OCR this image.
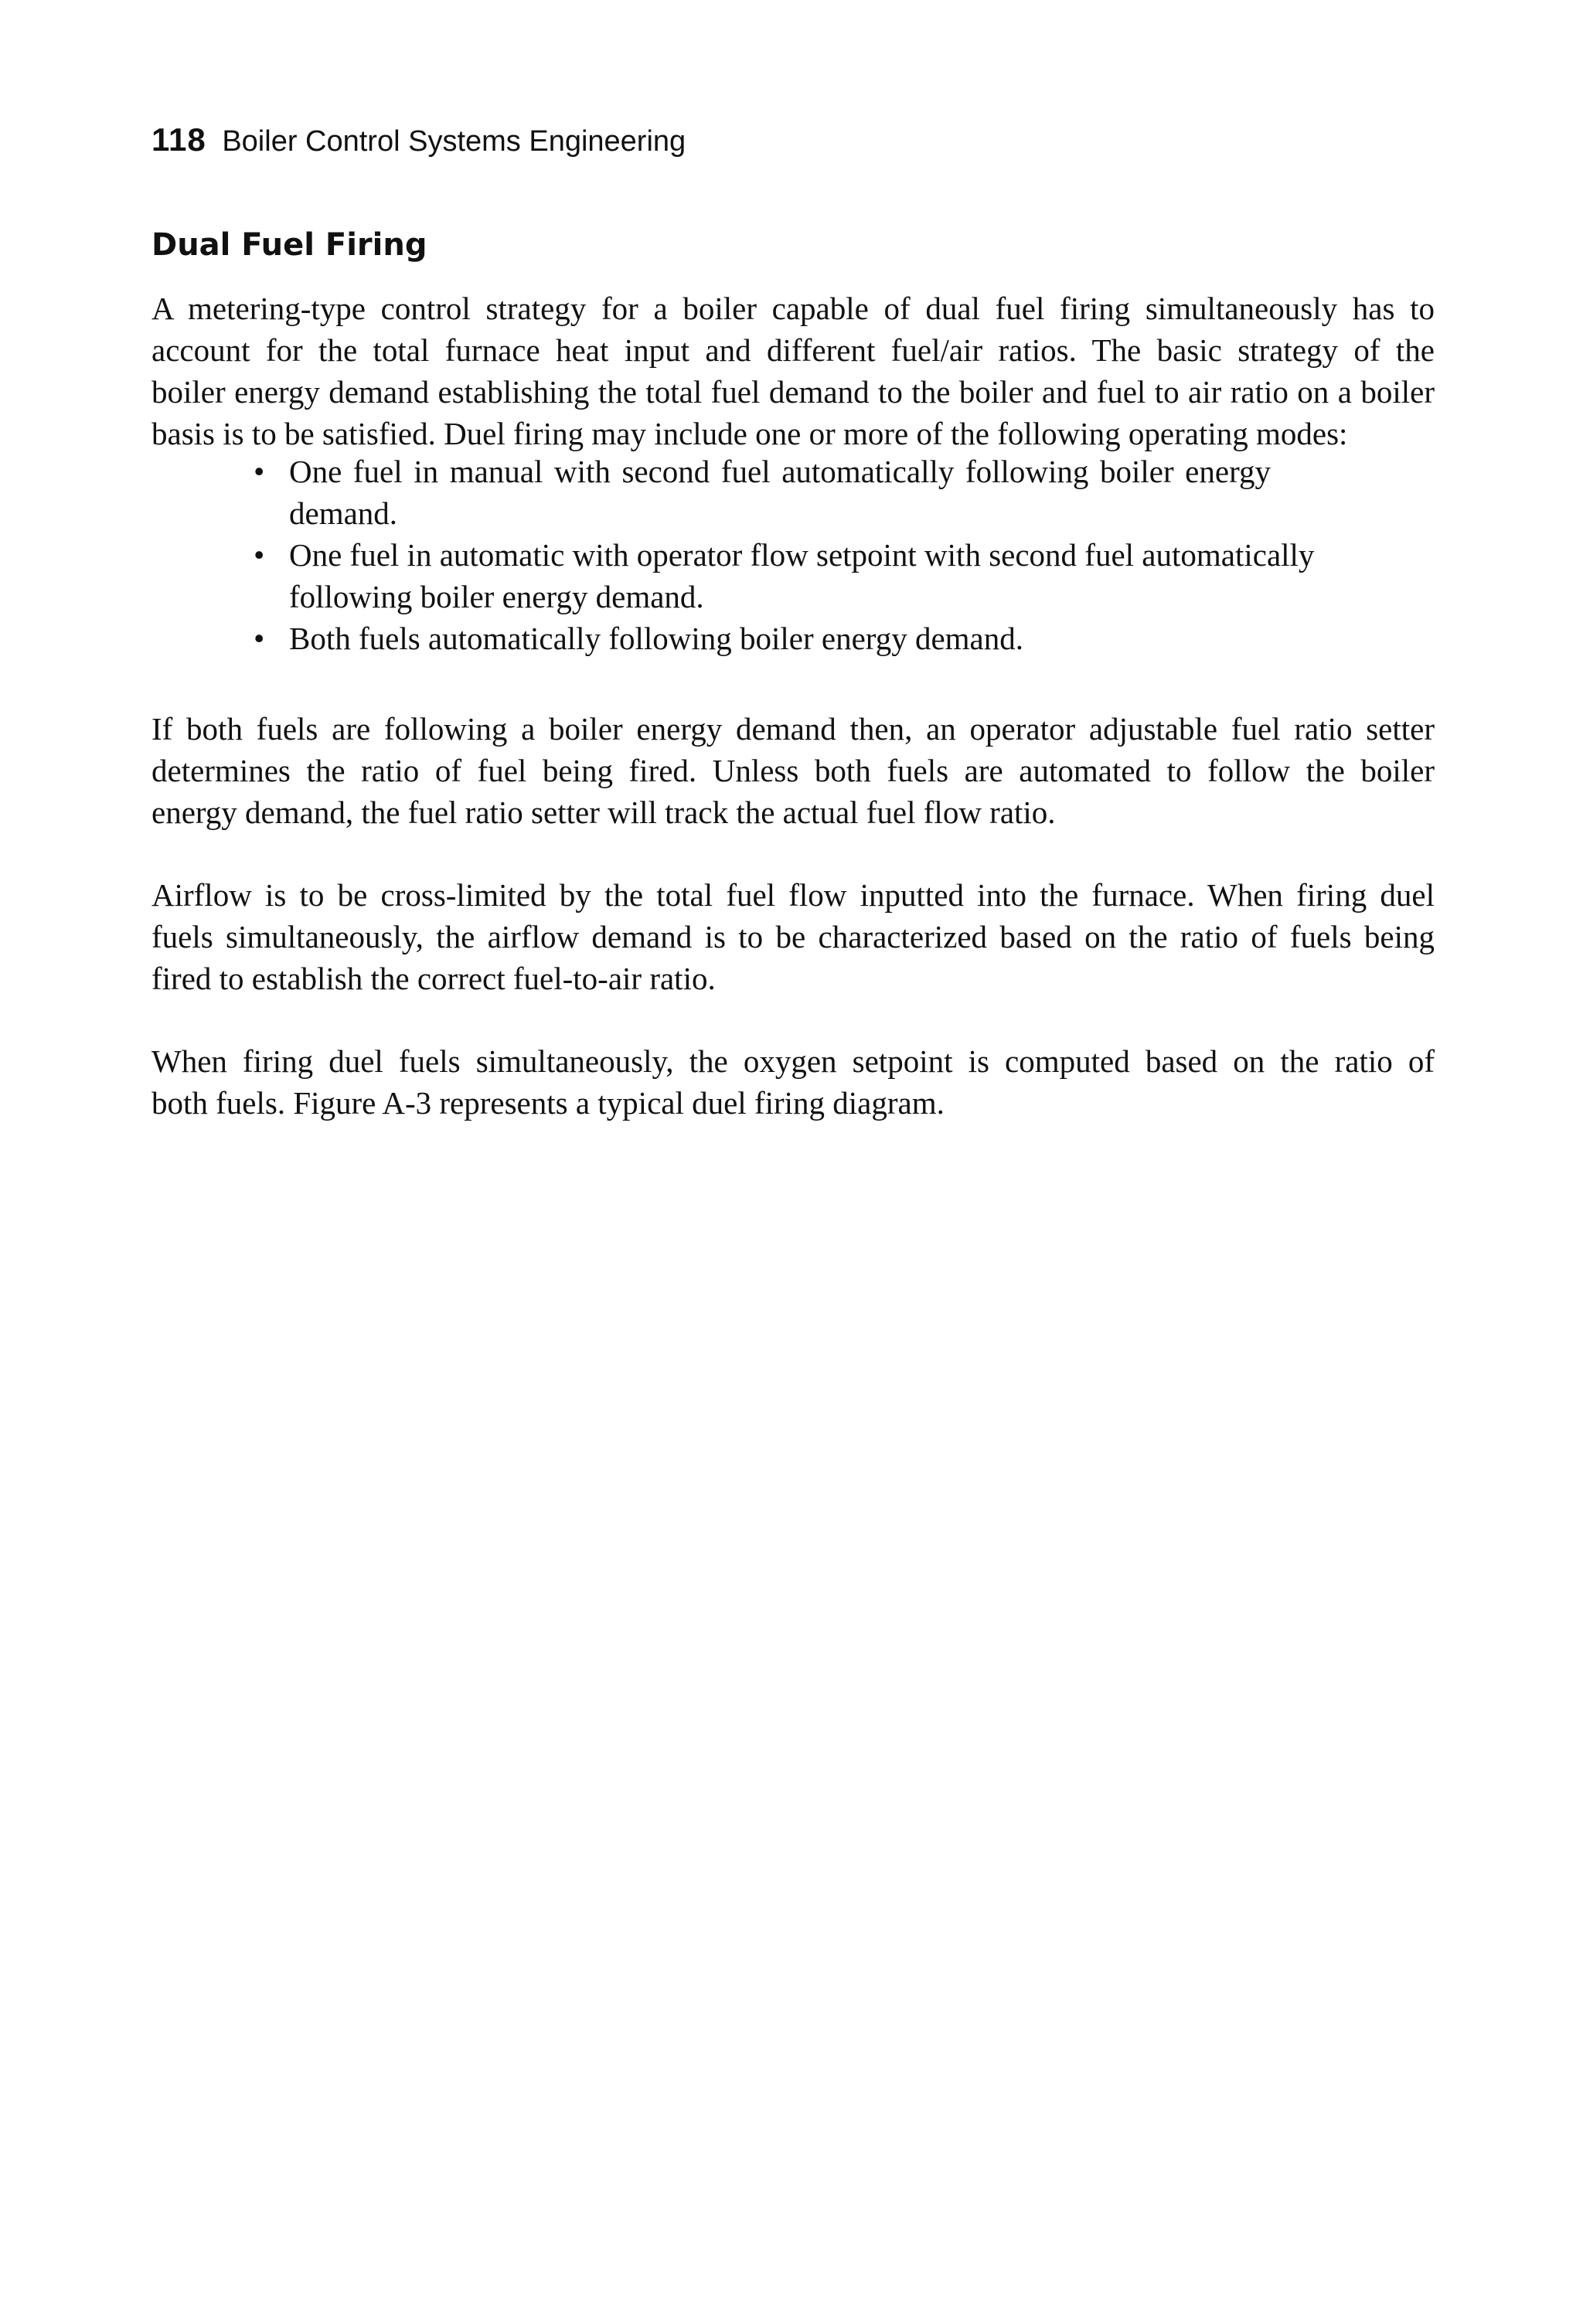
118 Boiler Control Systems Engineering
Dual Fuel Firing
A metering-type control strategy for a boiler capable of dual fuel firing simultaneously has to
account for the total furnace heat input and different fuel/air ratios. The basic strategy of the
boiler energy demand establishing the total fuel demand to the boiler and fuel to air ratio on a boiler
basis is to be satisfied. Duel firing may include one or more of the following operating modes:
• One fuel in manual with second fuel automatically following boiler energy
demand.
• One fuel in automatic with operator flow setpoint with second fuel automatically
following boiler energy demand.
• Both fuels automatically following boiler energy demand.
If both fuels are following a boiler energy demand then, an operator adjustable fuel ratio setter
determines the ratio of fuel being fired. Unless both fuels are automated to follow the boiler
energy demand, the fuel ratio setter will track the actual fuel flow ratio.
Airflow is to be cross-limited by the total fuel flow inputted into the furnace. When firing duel
fuels simultaneously, the airflow demand is to be characterized based on the ratio of fuels being
fired to establish the correct fuel-to-air ratio.
When firing duel fuels simultaneously, the oxygen setpoint is computed based on the ratio of
both fuels. Figure A-3 represents a typical duel firing diagram.
